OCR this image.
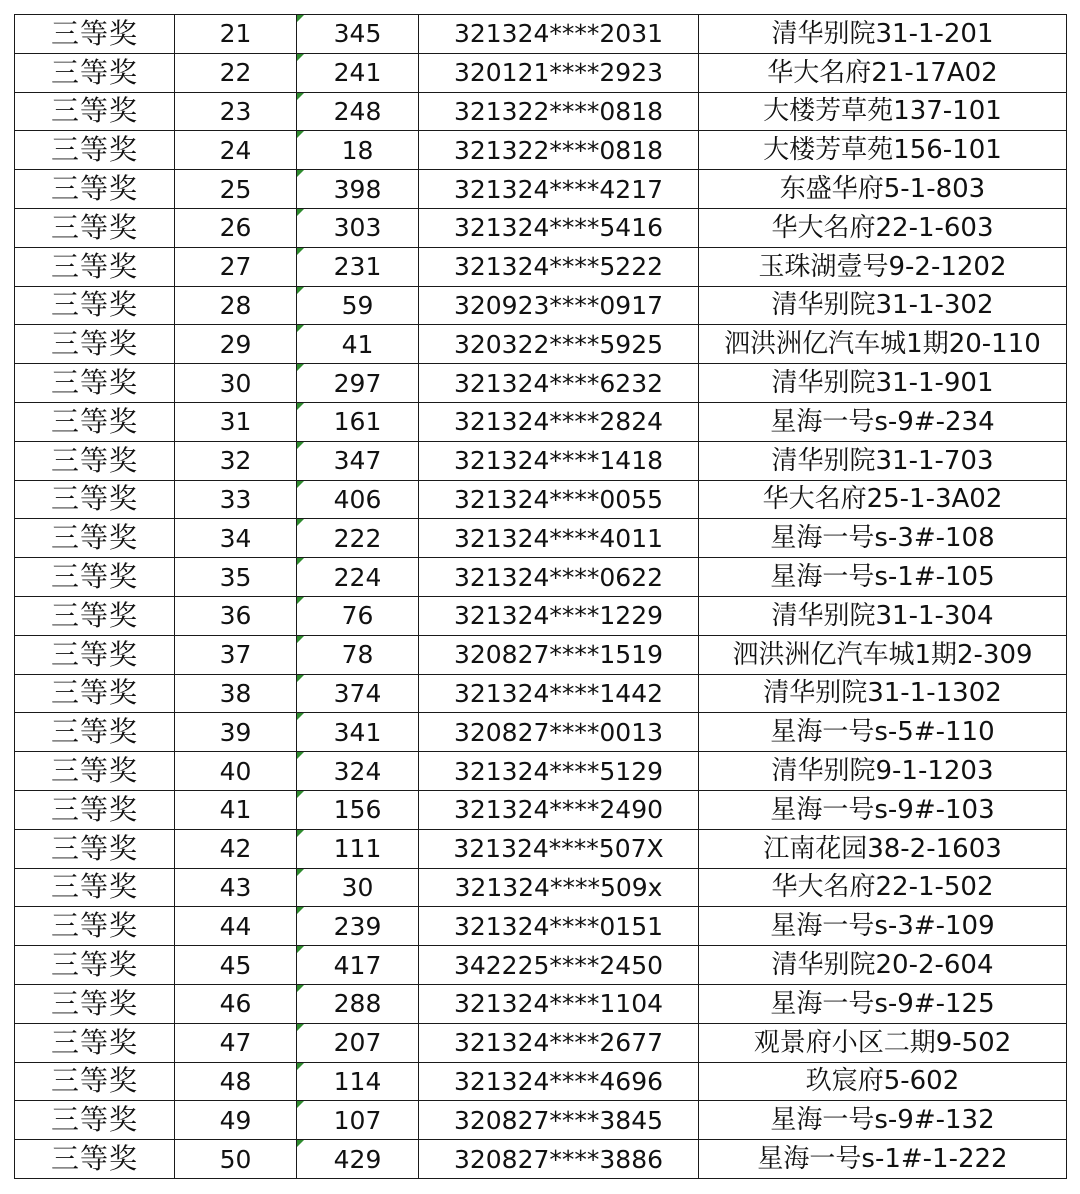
三等奖	21	345	321324****2031	清华别院31-1-201
三等奖	22	241	320121****2923	华大名府21-17A02
三等奖	23	248	321322****0818	大楼芳草苑137-101
三等奖	24	18	321322****0818	大楼芳草苑156-101
三等奖	25	398	321324****4217	东盛华府5-1-803
三等奖	26	303	321324****5416	华大名府22-1-603
三等奖	27	231	321324****5222	玉珠湖壹号9-2-1202
三等奖	28	59	320923****0917	清华别院31-1-302
三等奖	29	41	320322****5925	泗洪洲亿汽车城1期20-110
三等奖	30	297	321324****6232	清华别院31-1-901
三等奖	31	161	321324****2824	星海一号s-9#-234
三等奖	32	347	321324****1418	清华别院31-1-703
三等奖	33	406	321324****0055	华大名府25-1-3A02
三等奖	34	222	321324****4011	星海一号s-3#-108
三等奖	35	224	321324****0622	星海一号s-1#-105
三等奖	36	76	321324****1229	清华别院31-1-304
三等奖	37	78	320827****1519	泗洪洲亿汽车城1期2-309
三等奖	38	374	321324****1442	清华别院31-1-1302
三等奖	39	341	320827****0013	星海一号s-5#-110
三等奖	40	324	321324****5129	清华别院9-1-1203
三等奖	41	156	321324****2490	星海一号s-9#-103
三等奖	42	111	321324****507X	江南花园38-2-1603
三等奖	43	30	321324****509x	华大名府22-1-502
三等奖	44	239	321324****0151	星海一号s-3#-109
三等奖	45	417	342225****2450	清华别院20-2-604
三等奖	46	288	321324****1104	星海一号s-9#-125
三等奖	47	207	321324****2677	观景府小区二期9-502
三等奖	48	114	321324****4696	玖宸府5-602
三等奖	49	107	320827****3845	星海一号s-9#-132
三等奖	50	429	320827****3886	星海一号s-1#-1-222
